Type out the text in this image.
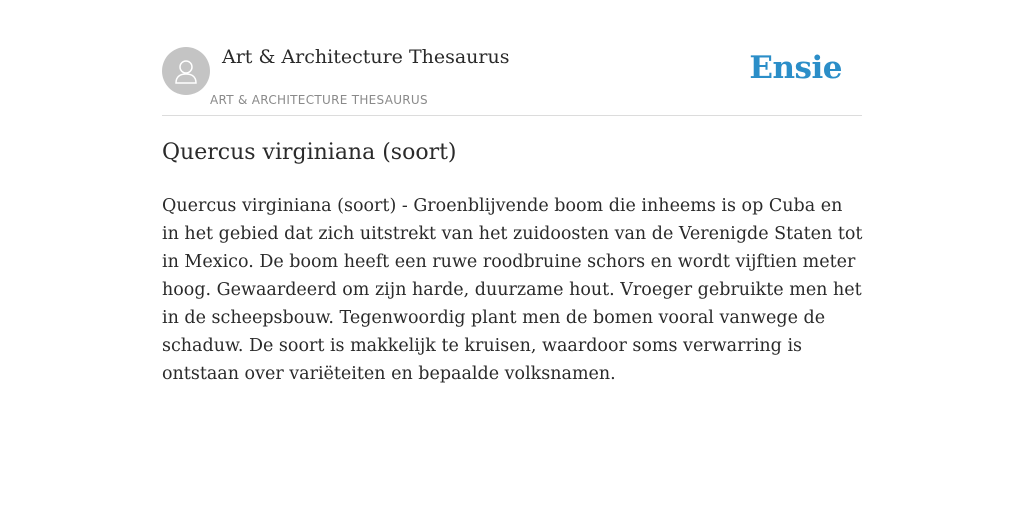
Art & Architecture Thesaurus
ART & ARCHITECTURE THESAURUS
Ensie
Quercus virginiana (soort)

Quercus virginiana (soort) - Groenblijvende boom die inheems is op Cuba en in het gebied dat zich uitstrekt van het zuidoosten van de Verenigde Staten tot in Mexico. De boom heeft een ruwe roodbruine schors en wordt vijftien meter hoog. Gewaardeerd om zijn harde, duurzame hout. Vroeger gebruikte men het in de scheepsbouw. Tegenwoordig plant men de bomen vooral vanwege de schaduw. De soort is makkelijk te kruisen, waardoor soms verwarring is ontstaan over variëteiten en bepaalde volksnamen.
